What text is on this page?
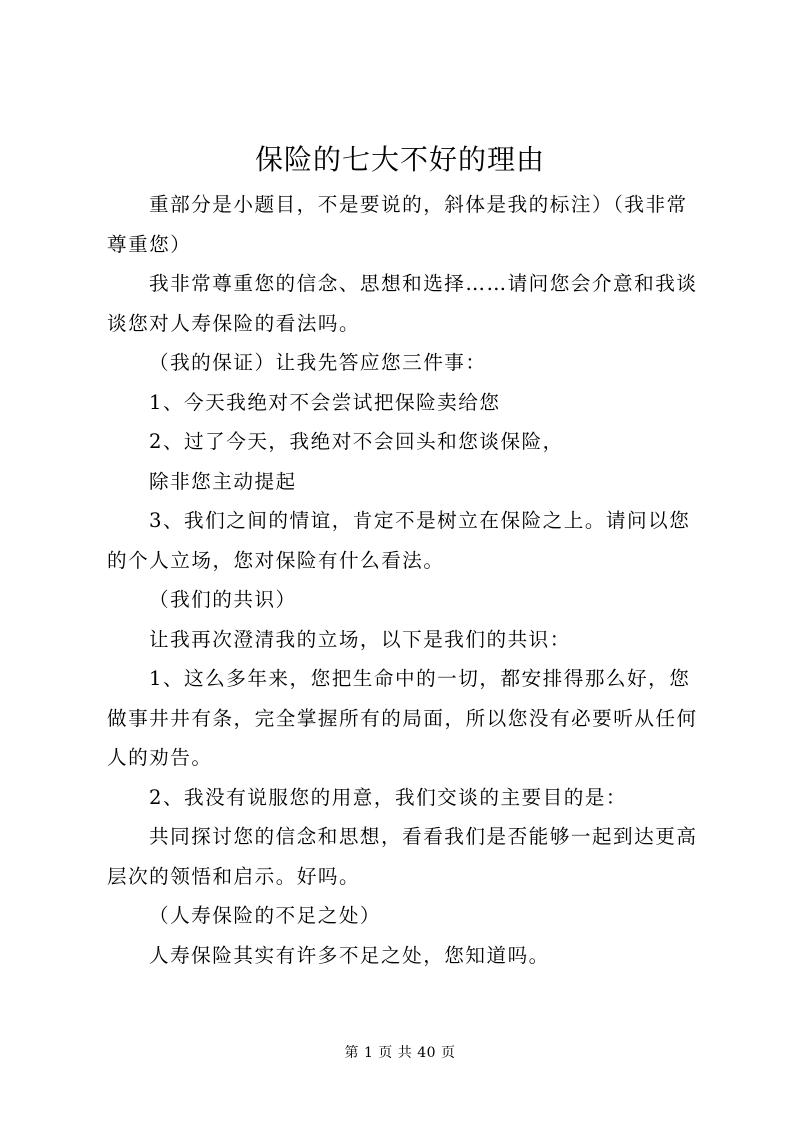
保险的七大不好的理由

重部分是小题目，不是要说的，斜体是我的标注）（我非常尊重您）

我非常尊重您的信念、思想和选择……请问您会介意和我谈谈您对人寿保险的看法吗。

（我的保证）让我先答应您三件事：

1、今天我绝对不会尝试把保险卖给您

2、过了今天，我绝对不会回头和您谈保险，

除非您主动提起

3、我们之间的情谊，肯定不是树立在保险之上。请问以您的个人立场，您对保险有什么看法。

（我们的共识）

让我再次澄清我的立场，以下是我们的共识：

1、这么多年来，您把生命中的一切，都安排得那么好，您做事井井有条，完全掌握所有的局面，所以您没有必要听从任何人的劝告。

2、我没有说服您的用意，我们交谈的主要目的是：

共同探讨您的信念和思想，看看我们是否能够一起到达更高层次的领悟和启示。好吗。

（人寿保险的不足之处）

人寿保险其实有许多不足之处，您知道吗。

第 1 页 共 40 页
